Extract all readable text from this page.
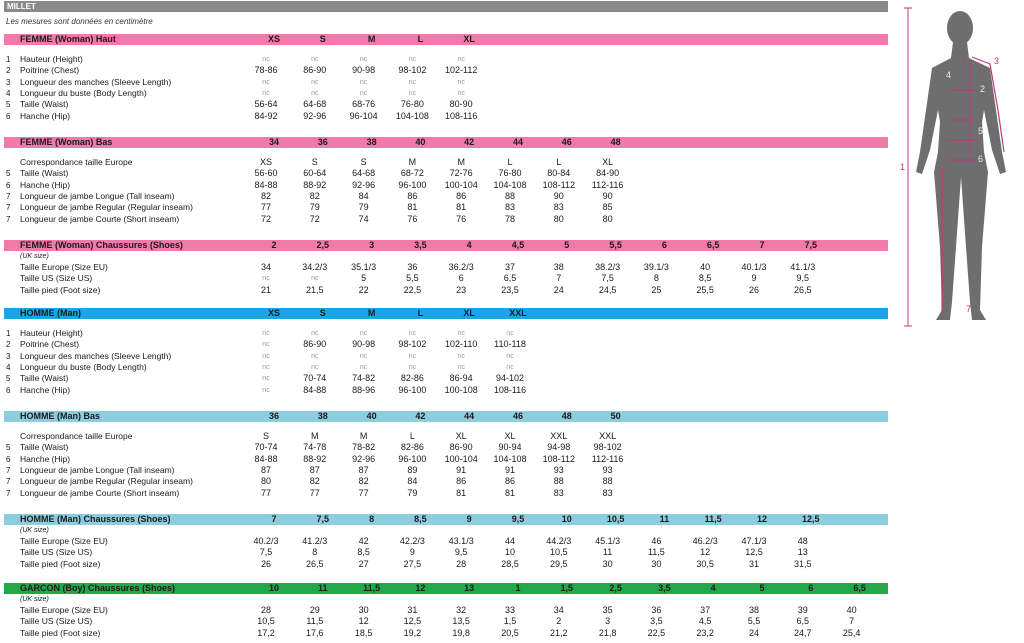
MILLET
Les mesures sont données en centimètre
FEMME (Woman) Haut	XS	S	M	L	XL
1	Hauteur (Height)	nc	nc	nc	nc	nc
2	Poitrine (Chest)	78-86	86-90	90-98	98-102	102-112
3	Longueur des manches (Sleeve Length)	nc	nc	nc	nc	nc
4	Longueur du buste (Body Length)	nc	nc	nc	nc	nc
5	Taille (Waist)	56-64	64-68	68-76	76-80	80-90
6	Hanche (Hip)	84-92	92-96	96-104	104-108	108-116
FEMME (Woman) Bas	34	36	38	40	42	44	46	48
Correspondance taille Europe	XS	S	S	M	M	L	L	XL
5	Taille (Waist)	56-60	60-64	64-68	68-72	72-76	76-80	80-84	84-90
6	Hanche (Hip)	84-88	88-92	92-96	96-100	100-104	104-108	108-112	112-116
7	Longueur de jambe Longue (Tall inseam)	82	82	84	86	86	88	90	90
7	Longueur de jambe Regular (Regular inseam)	77	79	79	81	81	83	83	85
7	Longueur de jambe Courte (Short inseam)	72	72	74	76	76	78	80	80
FEMME (Woman) Chaussures (Shoes)	2	2,5	3	3,5	4	4,5	5	5,5	6	6,5	7	7,5
(UK size)
Taille Europe (Size EU)	34	34.2/3	35.1/3	36	36.2/3	37	38	38.2/3	39.1/3	40	40.1/3	41.1/3
Taille US (Size US)	nc	nc	5	5,5	6	6,5	7	7,5	8	8,5	9	9,5
Taille pied (Foot size)	21	21,5	22	22,5	23	23,5	24	24,5	25	25,5	26	26,5
HOMME (Man)	XS	S	M	L	XL	XXL
1	Hauteur (Height)	nc	nc	nc	nc	nc	nc
2	Poitrine (Chest)	nc	86-90	90-98	98-102	102-110	110-118
3	Longueur des manches (Sleeve Length)	nc	nc	nc	nc	nc	nc
4	Longueur du buste (Body Length)	nc	nc	nc	nc	nc	nc
5	Taille (Waist)	nc	70-74	74-82	82-86	86-94	94-102
6	Hanche (Hip)	nc	84-88	88-96	96-100	100-108	108-116
HOMME (Man) Bas	36	38	40	42	44	46	48	50
Correspondance taille Europe	S	M	M	L	XL	XL	XXL	XXL
5	Taille (Waist)	70-74	74-78	78-82	82-86	86-90	90-94	94-98	98-102
6	Hanche (Hip)	84-88	88-92	92-96	96-100	100-104	104-108	108-112	112-116
7	Longueur de jambe Longue (Tall inseam)	87	87	87	89	91	91	93	93
7	Longueur de jambe Regular (Regular inseam)	80	82	82	84	86	86	88	88
7	Longueur de jambe Courte (Short inseam)	77	77	77	79	81	81	83	83
HOMME (Man) Chaussures (Shoes)	7	7,5	8	8,5	9	9,5	10	10,5	11	11,5	12	12,5
(UK size)
Taille Europe (Size EU)	40.2/3	41.2/3	42	42.2/3	43.1/3	44	44.2/3	45.1/3	46	46.2/3	47.1/3	48
Taille US (Size US)	7,5	8	8,5	9	9,5	10	10,5	11	11,5	12	12,5	13
Taille pied (Foot size)	26	26,5	27	27,5	28	28,5	29,5	30	30	30,5	31	31,5
GARCON (Boy) Chaussures (Shoes)	10	11	11,5	12	13	1	1,5	2,5	3,5	4	5	6	6,5
(UK size)
Taille Europe (Size EU)	28	29	30	31	32	33	34	35	36	37	38	39	40
Taille US (Size US)	10,5	11,5	12	12,5	13,5	1,5	2	3	3,5	4,5	5,5	6,5	7
Taille pied (Foot size)	17,2	17,6	18,5	19,2	19,8	20,5	21,2	21,8	22,5	23,2	24	24,7	25,4
1
3
7
2
4
5
6
